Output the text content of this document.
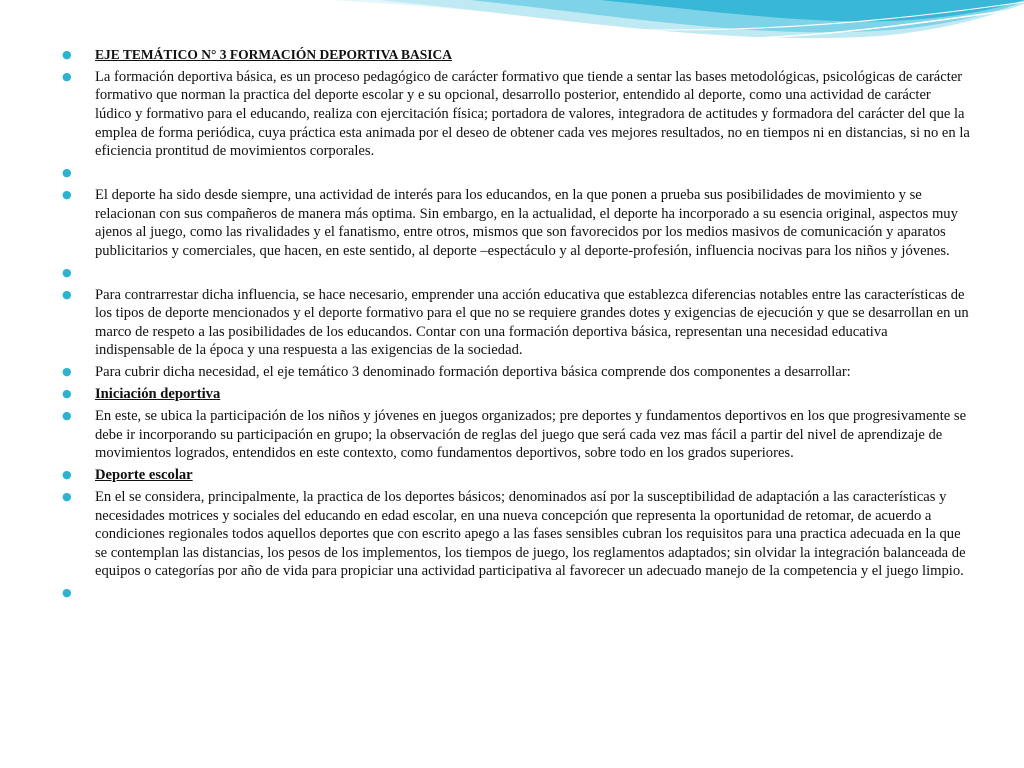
● EJE TEMÁTICO N° 3 FORMACIÓN DEPORTIVA BASICA
● La formación deportiva básica, es un proceso pedagógico de carácter formativo que tiende a sentar las bases metodológicas, psicológicas de carácter formativo que norman la practica del deporte escolar y e su opcional, desarrollo posterior, entendido al deporte, como una actividad de carácter lúdico y formativo para el educando, realiza con ejercitación física; portadora de valores, integradora de actitudes y formadora del carácter del que la emplea de forma periódica, cuya práctica esta animada por el deseo de obtener cada ves mejores resultados, no en tiempos ni en distancias, si no en la eficiencia prontitud de movimientos corporales.
●
● El deporte ha sido desde siempre, una actividad de interés para los educandos, en la que ponen a prueba sus posibilidades de movimiento y se relacionan con sus compañeros de manera más optima. Sin embargo, en la actualidad, el deporte ha incorporado a su esencia original, aspectos muy ajenos al juego, como las rivalidades y el fanatismo, entre otros, mismos que son favorecidos por los medios masivos de comunicación y aparatos publicitarios y comerciales, que hacen, en este sentido, al deporte –espectáculo y al deporte-profesión, influencia nocivas para los niños y jóvenes.
●
● Para contrarrestar dicha influencia, se hace necesario, emprender una acción educativa que establezca diferencias notables entre las características de los tipos de deporte mencionados y el deporte formativo para el que no se requiere grandes dotes y exigencias de ejecución y que se desarrollan en un marco de respeto a las posibilidades de los educandos. Contar con una formación deportiva básica, representan una necesidad educativa indispensable de la época y una respuesta a las exigencias de la sociedad.
● Para cubrir dicha necesidad, el eje temático 3 denominado formación deportiva básica comprende dos componentes a desarrollar:
● Iniciación deportiva
● En este, se ubica la participación de los niños y jóvenes en juegos organizados; pre deportes y fundamentos deportivos en los que progresivamente se debe ir incorporando su participación en grupo; la observación de reglas del juego que será cada vez mas fácil a partir del nivel de aprendizaje de movimientos logrados, entendidos en este contexto, como fundamentos deportivos, sobre todo en los grados superiores.
● Deporte escolar
● En el se considera, principalmente, la practica de los deportes básicos; denominados así por la susceptibilidad de adaptación a las características y necesidades motrices y sociales del educando en edad escolar, en una nueva concepción que representa la oportunidad de retomar, de acuerdo a condiciones regionales todos aquellos deportes que con escrito apego a las fases sensibles cubran los requisitos para una practica adecuada en la que se contemplan las distancias, los pesos de los implementos, los tiempos de juego, los reglamentos adaptados; sin olvidar la integración balanceada de equipos o categorías por año de vida para propiciar una actividad participativa al favorecer un adecuado manejo de la competencia y el juego limpio.
●
